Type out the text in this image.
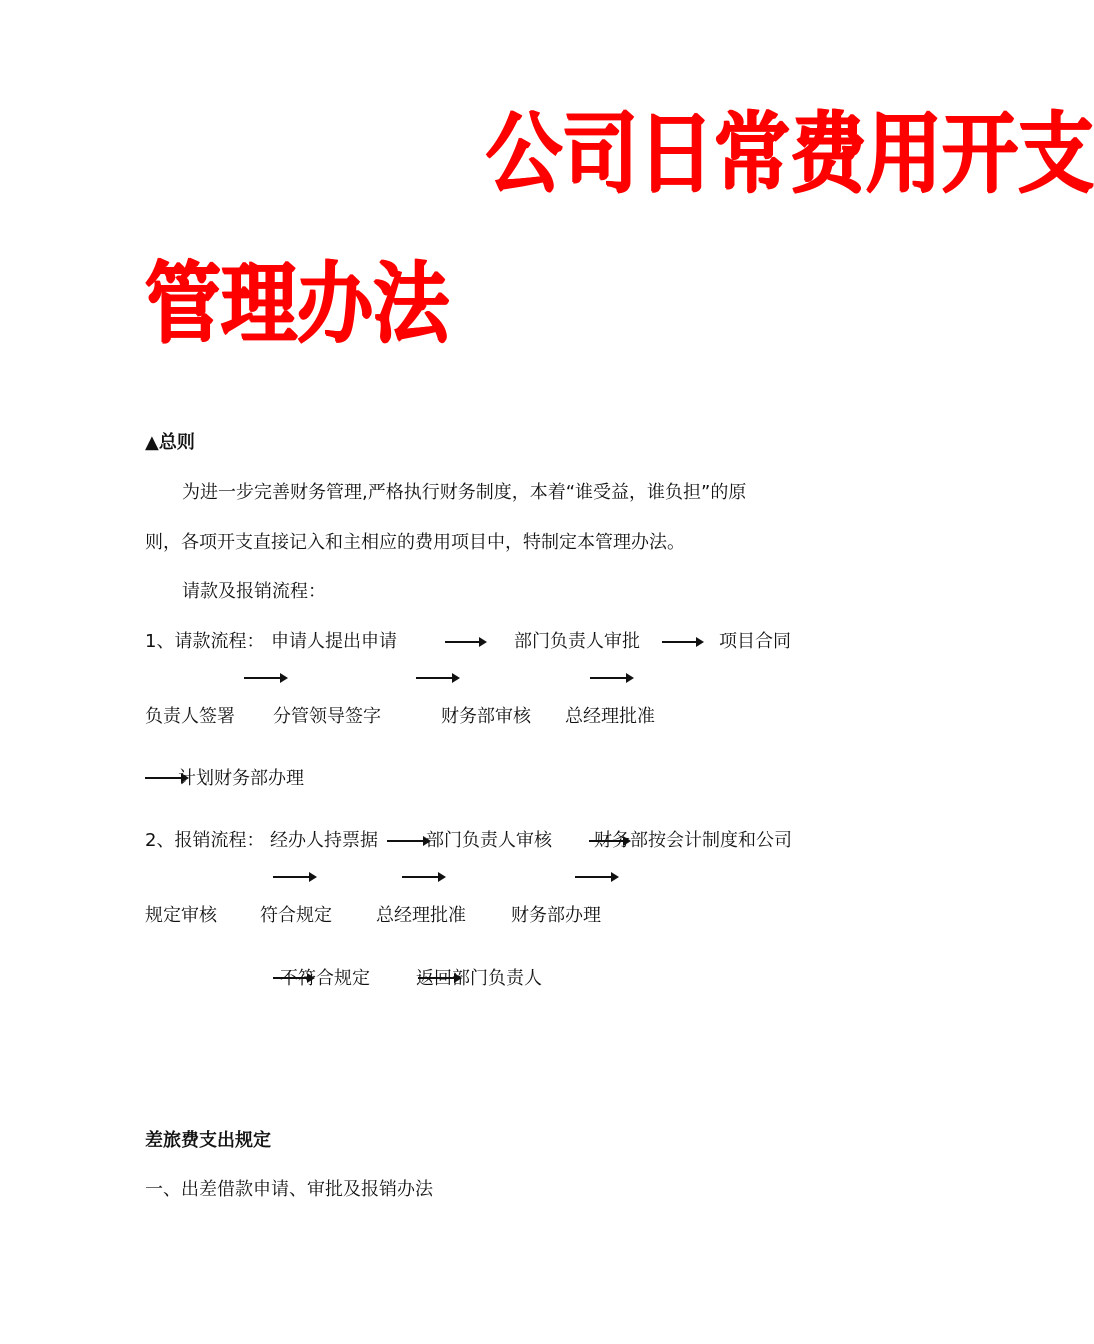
公司日常费用开支
管理办法
▲总则
为进一步完善财务管理,严格执行财务制度，本着“谁受益，谁负担”的原
则，各项开支直接记入和主相应的费用项目中，特制定本管理办法。
请款及报销流程：
1、请款流程： 申请人提出申请	部门负责人审批	项目合同
负责人签署 分管领导签字	财务部审核 总经理批准
计划财务部办理
2、报销流程： 经办人持票据	部门负责人审核 财务部按会计制度和公司
规定审核 符合规定 总经理批准	财务部办理
不符合规定	返回部门负责人
差旅费支出规定
一、出差借款申请、审批及报销办法
